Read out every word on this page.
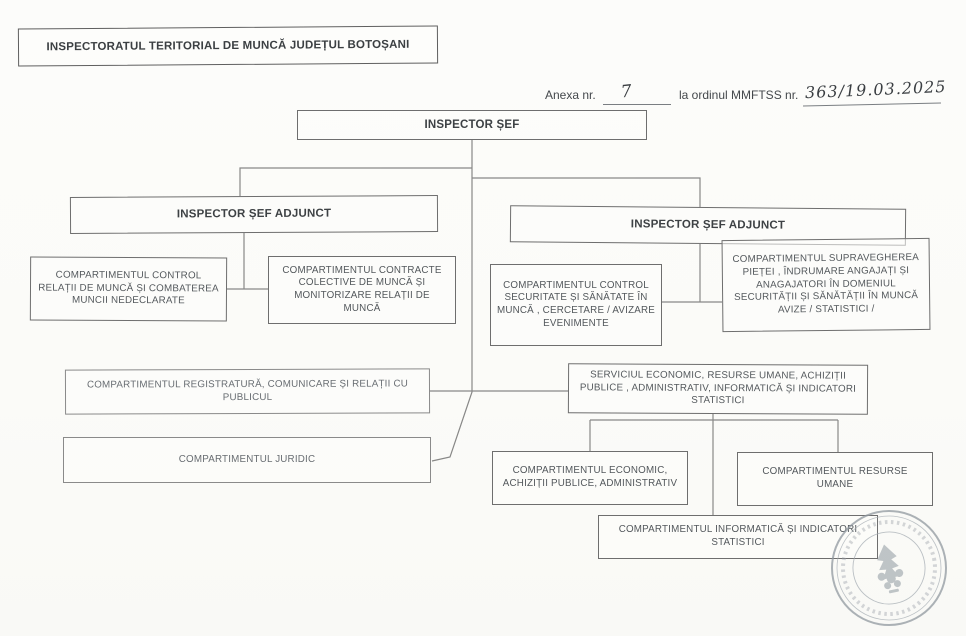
INSPECTORATUL TERITORIAL DE MUNCĂ JUDEȚUL BOTOȘANI
Anexa nr. 7	la ordinul MMFTSS nr. 363/19.03.2025
INSPECTOR ȘEF
INSPECTOR ȘEF ADJUNCT
INSPECTOR ȘEF ADJUNCT
COMPARTIMENTUL CONTROL RELAȚII DE MUNCĂ ȘI COMBATEREA MUNCII NEDECLARATE
COMPARTIMENTUL CONTRACTE COLECTIVE DE MUNCĂ ȘI MONITORIZARE RELAȚII DE MUNCĂ
COMPARTIMENTUL CONTROL SECURITATE ȘI SĂNĂTATE ÎN MUNCĂ , CERCETARE / AVIZARE EVENIMENTE
COMPARTIMENTUL SUPRAVEGHEREA PIEȚEI , ÎNDRUMARE ANGAJAȚI ȘI ANAGAJATORI ÎN DOMENIUL SECURITĂȚII ȘI SĂNĂTĂȚII ÎN MUNCĂ AVIZE / STATISTICI /
COMPARTIMENTUL REGISTRATURĂ, COMUNICARE ȘI RELAȚII CU PUBLICUL
SERVICIUL ECONOMIC, RESURSE UMANE, ACHIZIȚII PUBLICE , ADMINISTRATIV, INFORMATICĂ ȘI INDICATORI STATISTICI
COMPARTIMENTUL JURIDIC
COMPARTIMENTUL ECONOMIC, ACHIZIȚII PUBLICE, ADMINISTRATIV
COMPARTIMENTUL RESURSE UMANE
COMPARTIMENTUL INFORMATICĂ ȘI INDICATORI STATISTICI
